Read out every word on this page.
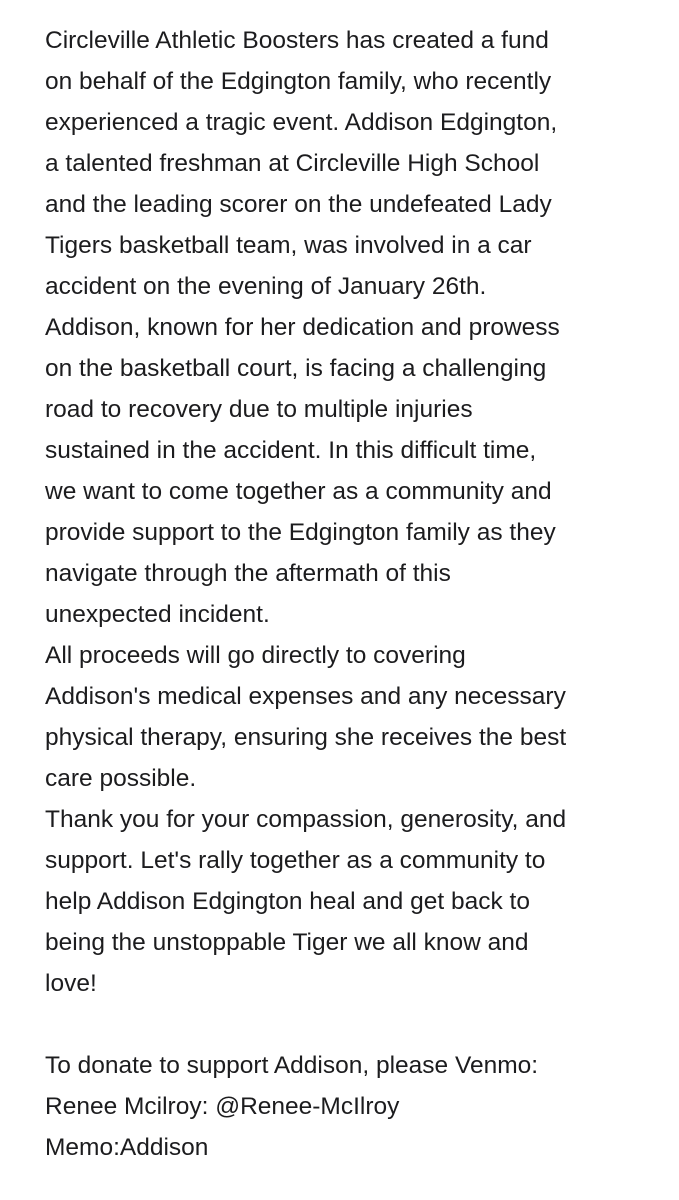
Circleville Athletic Boosters has created a fund
on behalf of the Edgington family, who recently
experienced a tragic event. Addison Edgington,
a talented freshman at Circleville High School
and the leading scorer on the undefeated Lady
Tigers basketball team, was involved in a car
accident on the evening of January 26th.
Addison, known for her dedication and prowess
on the basketball court, is facing a challenging
road to recovery due to multiple injuries
sustained in the accident. In this difficult time,
we want to come together as a community and
provide support to the Edgington family as they
navigate through the aftermath of this
unexpected incident.
All proceeds will go directly to covering
Addison's medical expenses and any necessary
physical therapy, ensuring she receives the best
care possible.
Thank you for your compassion, generosity, and
support. Let's rally together as a community to
help Addison Edgington heal and get back to
being the unstoppable Tiger we all know and
love!
To donate to support Addison, please Venmo:
Renee Mcilroy: @Renee-McIlroy
Memo:Addison
